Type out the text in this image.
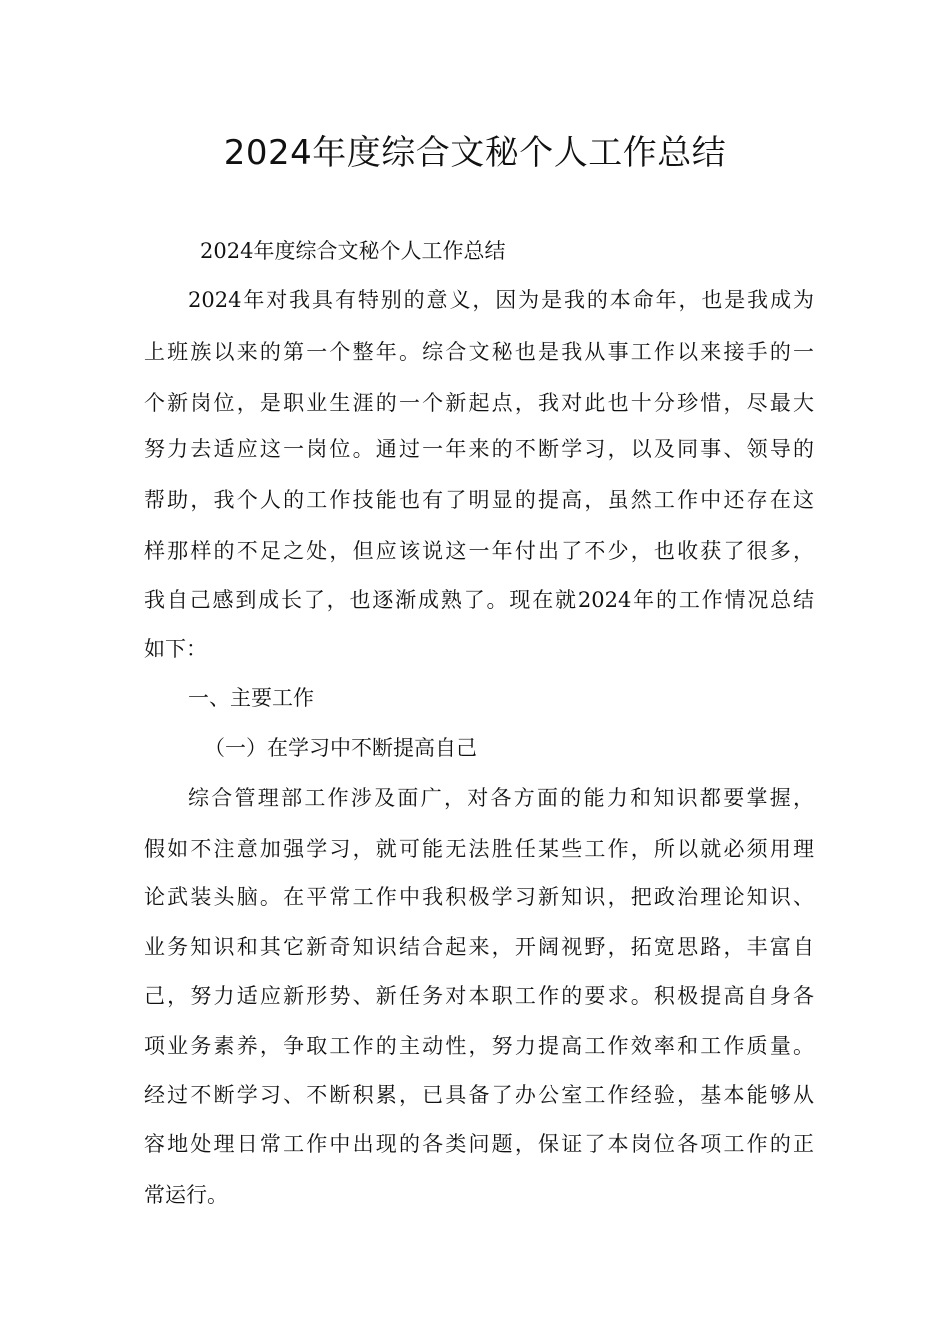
2024年度综合文秘个人工作总结

2024年度综合文秘个人工作总结

2024年对我具有特别的意义，因为是我的本命年，也是我成为

上班族以来的第一个整年。综合文秘也是我从事工作以来接手的一

个新岗位，是职业生涯的一个新起点，我对此也十分珍惜，尽最大

努力去适应这一岗位。通过一年来的不断学习，以及同事、领导的

帮助，我个人的工作技能也有了明显的提高，虽然工作中还存在这

样那样的不足之处，但应该说这一年付出了不少，也收获了很多，

我自己感到成长了，也逐渐成熟了。现在就2024年的工作情况总结

如下：

一、主要工作

（一）在学习中不断提高自己

综合管理部工作涉及面广，对各方面的能力和知识都要掌握，

假如不注意加强学习，就可能无法胜任某些工作，所以就必须用理

论武装头脑。在平常工作中我积极学习新知识，把政治理论知识、

业务知识和其它新奇知识结合起来，开阔视野，拓宽思路，丰富自

己，努力适应新形势、新任务对本职工作的要求。积极提高自身各

项业务素养，争取工作的主动性，努力提高工作效率和工作质量。

经过不断学习、不断积累，已具备了办公室工作经验，基本能够从

容地处理日常工作中出现的各类问题，保证了本岗位各项工作的正

常运行。
